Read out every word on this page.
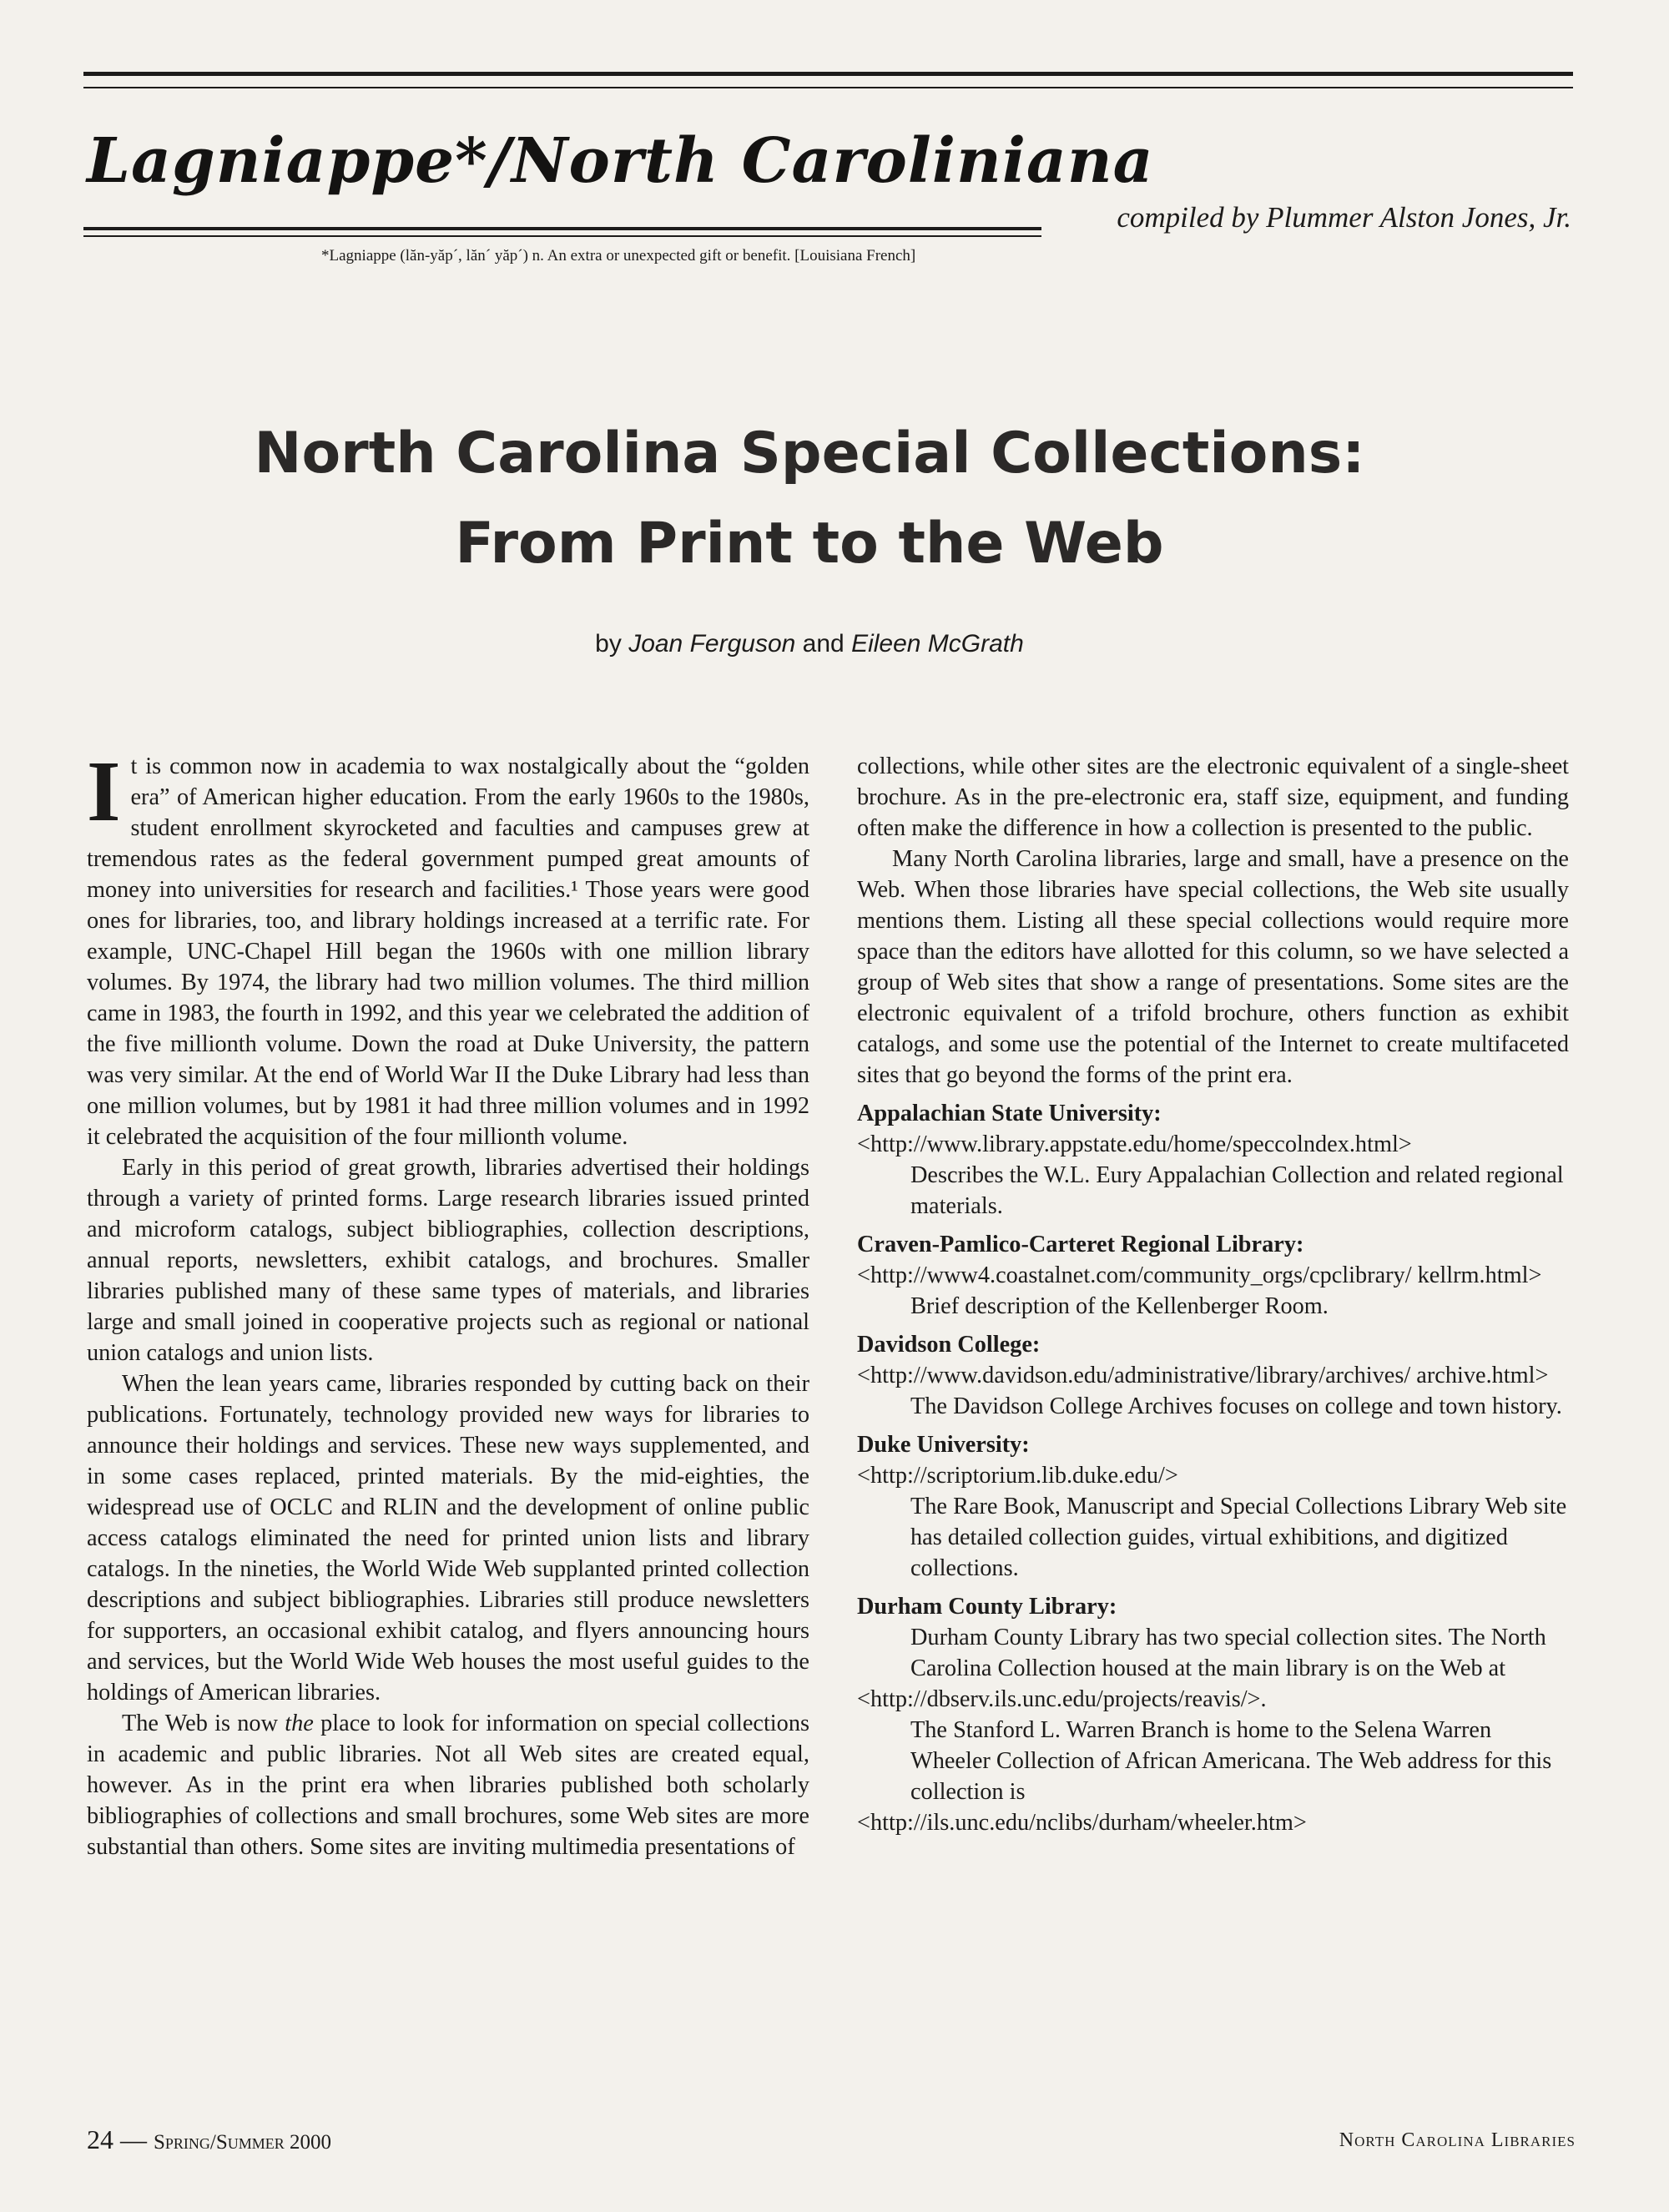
Lagniappe*/North Caroliniana
compiled by Plummer Alston Jones, Jr.
*Lagniappe (lăn-yăp´, lăn´ yăp´) n. An extra or unexpected gift or benefit. [Louisiana French]
North Carolina Special Collections:
From Print to the Web
by Joan Ferguson and Eileen McGrath

It is common now in academia to wax nostalgically about the “golden era” of American higher education. From the early 1960s to the 1980s, student enrollment skyrocketed and faculties and campuses grew at tremendous rates as the federal government pumped great amounts of money into universities for research and facilities.¹ Those years were good ones for libraries, too, and library holdings increased at a terrific rate. For example, UNC-Chapel Hill began the 1960s with one million library volumes. By 1974, the library had two million volumes. The third million came in 1983, the fourth in 1992, and this year we celebrated the addition of the five millionth volume. Down the road at Duke University, the pattern was very similar. At the end of World War II the Duke Library had less than one million volumes, but by 1981 it had three million volumes and in 1992 it celebrated the acquisition of the four millionth volume.

Early in this period of great growth, libraries advertised their holdings through a variety of printed forms. Large research libraries issued printed and microform catalogs, subject bibliographies, collection descriptions, annual reports, newsletters, exhibit catalogs, and brochures. Smaller libraries published many of these same types of materials, and libraries large and small joined in cooperative projects such as regional or national union catalogs and union lists.

When the lean years came, libraries responded by cutting back on their publications. Fortunately, technology provided new ways for libraries to announce their holdings and services. These new ways supplemented, and in some cases replaced, printed materials. By the mid-eighties, the widespread use of OCLC and RLIN and the development of online public access catalogs eliminated the need for printed union lists and library catalogs. In the nineties, the World Wide Web supplanted printed collection descriptions and subject bibliographies. Libraries still produce newsletters for supporters, an occasional exhibit catalog, and flyers announcing hours and services, but the World Wide Web houses the most useful guides to the holdings of American libraries.

The Web is now the place to look for information on special collections in academic and public libraries. Not all Web sites are created equal, however. As in the print era when libraries published both scholarly bibliographies of collections and small brochures, some Web sites are more substantial than others. Some sites are inviting multimedia presentations of

collections, while other sites are the electronic equivalent of a single-sheet brochure. As in the pre-electronic era, staff size, equipment, and funding often make the difference in how a collection is presented to the public.

Many North Carolina libraries, large and small, have a presence on the Web. When those libraries have special collections, the Web site usually mentions them. Listing all these special collections would require more space than the editors have allotted for this column, so we have selected a group of Web sites that show a range of presentations. Some sites are the electronic equivalent of a trifold brochure, others function as exhibit catalogs, and some use the potential of the Internet to create multifaceted sites that go beyond the forms of the print era.

Appalachian State University:
<http://www.library.appstate.edu/home/speccolndex.html>
Describes the W.L. Eury Appalachian Collection and related regional materials.
Craven-Pamlico-Carteret Regional Library:
<http://www4.coastalnet.com/community_orgs/cpclibrary/ kellrm.html>
Brief description of the Kellenberger Room.
Davidson College:
<http://www.davidson.edu/administrative/library/archives/ archive.html>
The Davidson College Archives focuses on college and town history.
Duke University:
<http://scriptorium.lib.duke.edu/>
The Rare Book, Manuscript and Special Collections Library Web site has detailed collection guides, virtual exhibitions, and digitized collections.
Durham County Library:
Durham County Library has two special collection sites. The North Carolina Collection housed at the main library is on the Web at
<http://dbserv.ils.unc.edu/projects/reavis/>.
The Stanford L. Warren Branch is home to the Selena Warren Wheeler Collection of African Americana. The Web address for this collection is
<http://ils.unc.edu/nclibs/durham/wheeler.htm>
24 — Spring/Summer 2000	North Carolina Libraries
